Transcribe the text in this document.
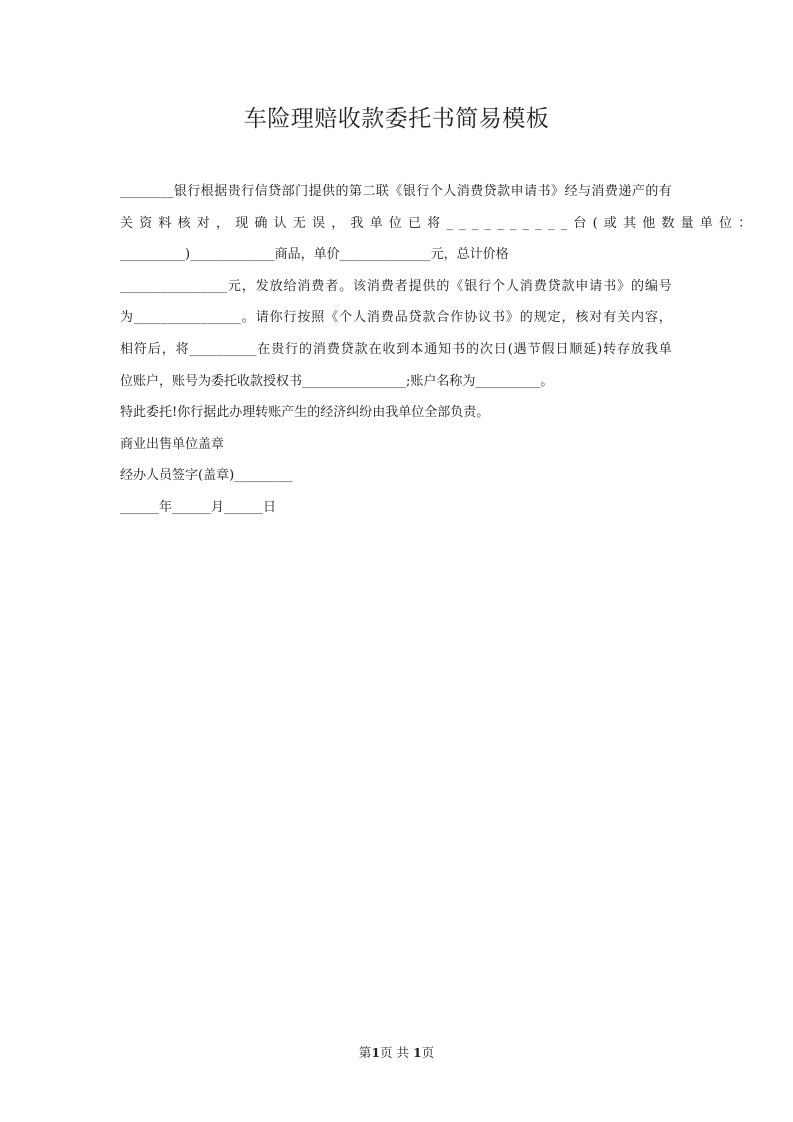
车险理赔收款委托书简易模板
________银行根据贵行信贷部门提供的第二联《银行个人消费贷款申请书》经与消费递产的有
关资料核对，现确认无误，我单位已将__________台(或其他数量单位：
__________)_____________商品，单价______________元，总计价格
________________元，发放给消费者。该消费者提供的《银行个人消费贷款申请书》的编号
为________________。请你行按照《个人消费品贷款合作协议书》的规定，核对有关内容，
相符后，将__________在贵行的消费贷款在收到本通知书的次日(遇节假日顺延)转存放我单
位账户，账号为委托收款授权书________________;账户名称为__________。
特此委托!你行据此办理转账产生的经济纠纷由我单位全部负责。
商业出售单位盖章
经办人员签字(盖章)_________
______年______月______日
第1页 共 1页
